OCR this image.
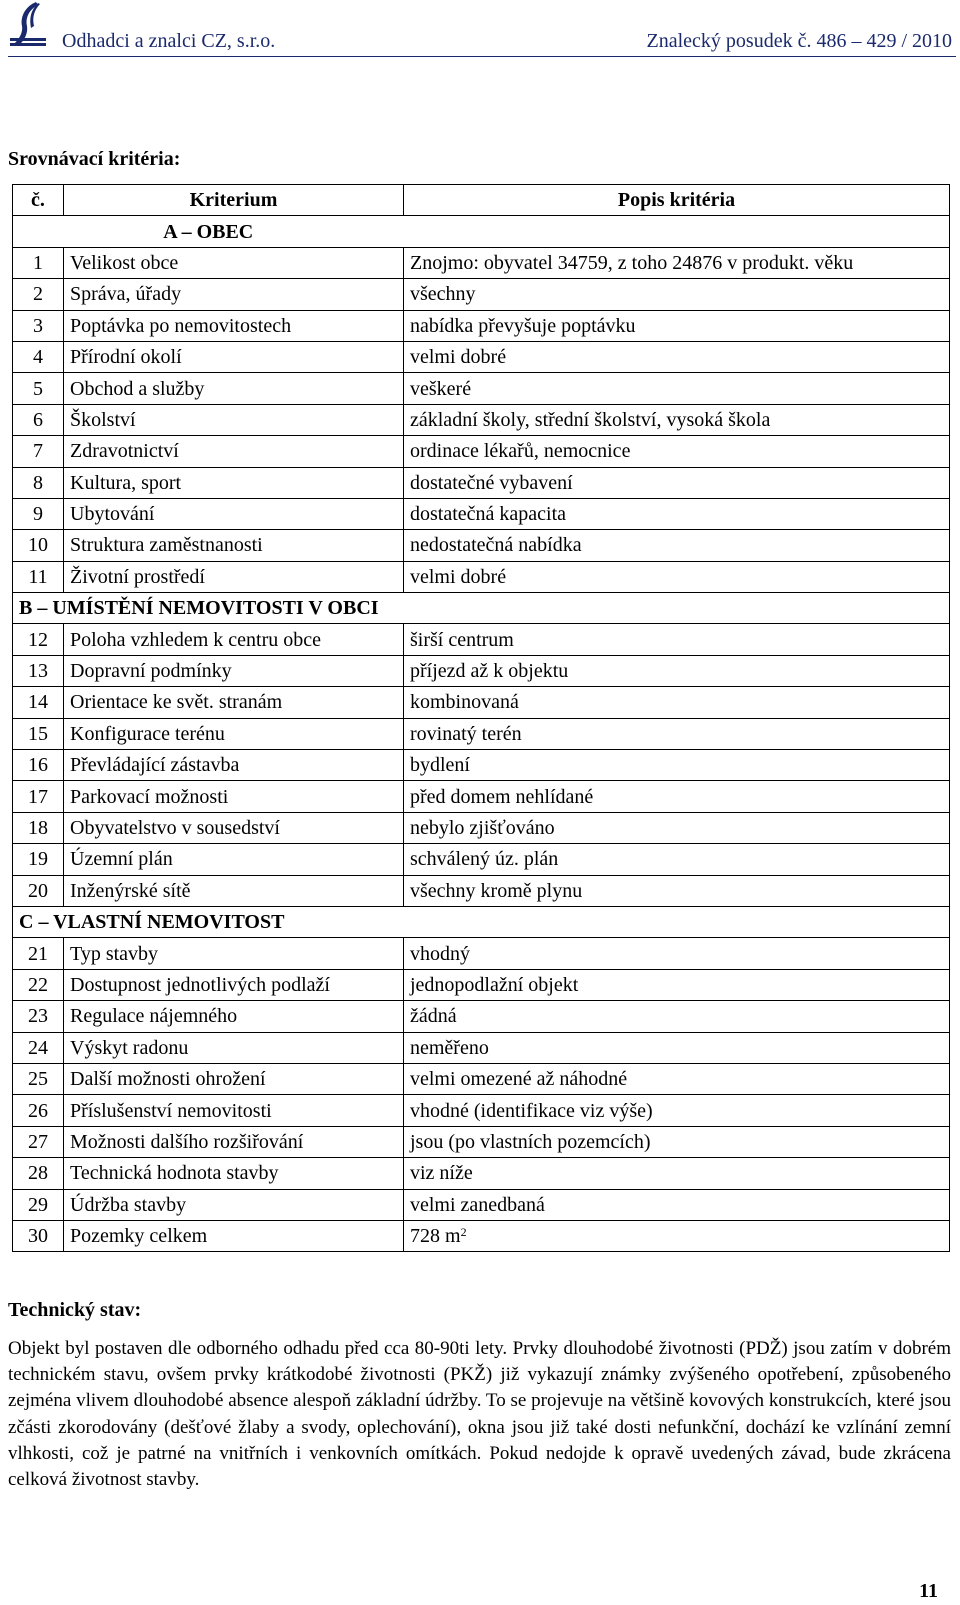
Odhadci a znalci CZ, s.r.o.	Znalecký posudek č. 486 – 429 / 2010
Srovnávací kritéria:
č.	Kriterium	Popis kritéria
A – OBEC		
1	Velikost obce	Znojmo: obyvatel 34759, z toho 24876 v produkt. věku
2	Správa, úřady	všechny
3	Poptávka po nemovitostech	nabídka převyšuje poptávku
4	Přírodní okolí	velmi dobré
5	Obchod a služby	veškeré
6	Školství	základní školy, střední školství, vysoká škola
7	Zdravotnictví	ordinace lékařů, nemocnice
8	Kultura, sport	dostatečné vybavení
9	Ubytování	dostatečná kapacita
10	Struktura zaměstnanosti	nedostatečná nabídka
11	Životní prostředí	velmi dobré
B – UMÍSTĚNÍ NEMOVITOSTI V OBCI		
12	Poloha vzhledem k centru obce	širší centrum
13	Dopravní podmínky	příjezd až k objektu
14	Orientace ke svět. stranám	kombinovaná
15	Konfigurace terénu	rovinatý terén
16	Převládající zástavba	bydlení
17	Parkovací možnosti	před domem nehlídané
18	Obyvatelstvo v sousedství	nebylo zjišťováno
19	Územní plán	schválený úz. plán
20	Inženýrské sítě	všechny kromě plynu
C – VLASTNÍ NEMOVITOST		
21	Typ stavby	vhodný
22	Dostupnost jednotlivých podlaží	jednopodlažní objekt
23	Regulace nájemného	žádná
24	Výskyt radonu	neměřeno
25	Další možnosti ohrožení	velmi omezené až náhodné
26	Příslušenství nemovitosti	vhodné (identifikace viz výše)
27	Možnosti dalšího rozšiřování	jsou (po vlastních pozemcích)
28	Technická hodnota stavby	viz níže
29	Údržba stavby	velmi zanedbaná
30	Pozemky celkem	728 $m^2$
Technický stav:

Objekt byl postaven dle odborného odhadu před cca 80-90ti lety. Prvky dlouhodobé životnosti (PDŽ) jsou zatím v dobrém technickém stavu, ovšem prvky krátkodobé životnosti (PKŽ) již vykazují známky zvýšeného opotřebení, způsobeného zejména vlivem dlouhodobé absence alespoň základní údržby. To se projevuje na většině kovových konstrukcích, které jsou zčásti zkorodovány (dešťové žlaby a svody, oplechování), okna jsou již také dosti nefunkční, dochází ke vzlínání zemní vlhkosti, což je patrné na vnitřních i venkovních omítkách. Pokud nedojde k opravě uvedených závad, bude zkrácena celková životnost stavby.

11
